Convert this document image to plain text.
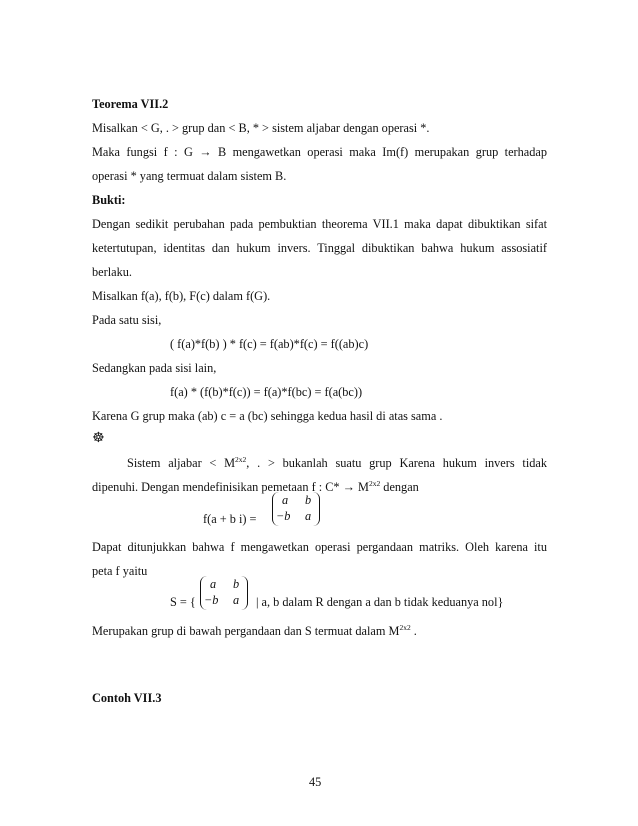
Teorema VII.2
Misalkan < G, . > grup dan < B, * > sistem aljabar dengan operasi *.
Maka fungsi f : G → B mengawetkan operasi maka Im(f) merupakan grup terhadap
operasi * yang termuat dalam sistem B.
Bukti:
Dengan sedikit perubahan pada pembuktian theorema VII.1 maka dapat dibuktikan sifat
ketertutupan, identitas dan hukum invers. Tinggal dibuktikan bahwa hukum assosiatif
berlaku.
Misalkan f(a), f(b), F(c) dalam f(G).
Pada satu sisi,
( f(a)*f(b) ) * f(c) = f(ab)*f(c) = f((ab)c)
Sedangkan pada sisi lain,
f(a) * (f(b)*f(c)) = f(a)*f(bc) = f(a(bc))
Karena G grup maka (ab) c = a (bc) sehingga kedua hasil di atas sama .
☸
Sistem aljabar < $M^{2x2}$, . > bukanlah suatu grup Karena hukum invers tidak
dipenuhi. Dengan mendefinisikan pemetaan f : $C* \to M^{2x2}$ dengan
f(a + b i) =
a b
−b a
Dapat ditunjukkan bahwa f mengawetkan operasi pergandaan matriks. Oleh karena itu
peta f yaitu
S = {
a b
−b a | a, b dalam R dengan a dan b tidak keduanya nol}
Merupakan grup di bawah pergandaan dan S termuat dalam $M^{2x2}$ .
Contoh VII.3
45
